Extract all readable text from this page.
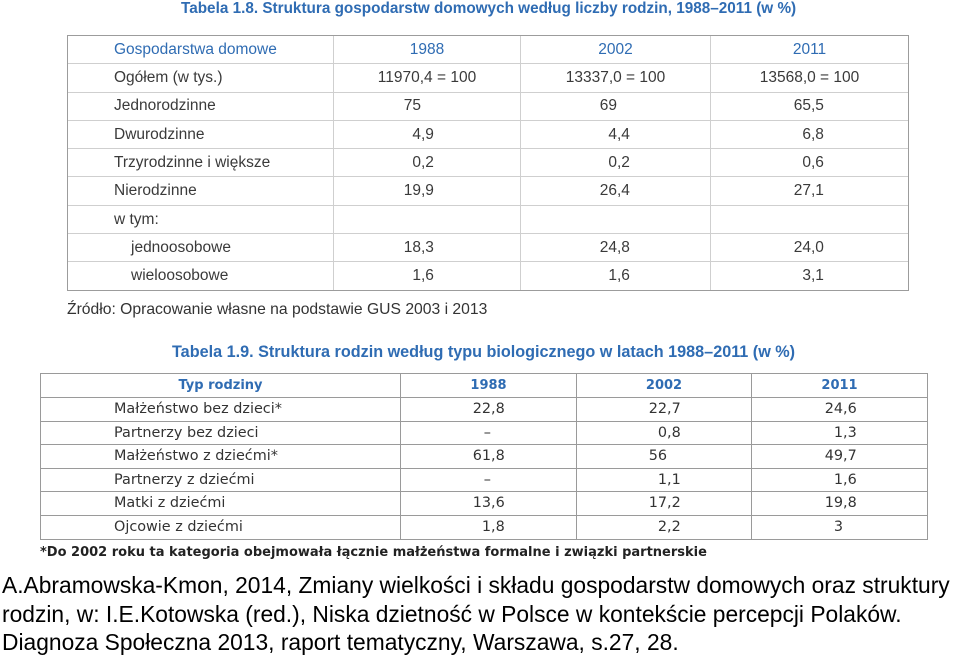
Tabela 1.8. Struktura gospodarstw domowych według liczby rodzin, 1988–2011 (w %)
Gospodarstwa domowe	1988	2002	2011
Ogółem (w tys.)	11970,4 = 100	13337,0 = 100	13568,0 = 100
Jednorodzinne	75	69	65,5
Dwurodzinne	4,9	4,4	6,8
Trzyrodzinne i większe	0,2	0,2	0,6
Nierodzinne	19,9	26,4	27,1
w tym:			
jednoosobowe	18,3	24,8	24,0
wieloosobowe	1,6	1,6	3,1
Źródło: Opracowanie własne na podstawie GUS 2003 i 2013
Tabela 1.9. Struktura rodzin według typu biologicznego w latach 1988–2011 (w %)
Typ rodziny	1988	2002	2011
Małżeństwo bez dzieci*	22,8	22,7	24,6
Partnerzy bez dzieci	–	0,8	1,3
Małżeństwo z dziećmi*	61,8	56	49,7
Partnerzy z dziećmi	–	1,1	1,6
Matki z dziećmi	13,6	17,2	19,8
Ojcowie z dziećmi	1,8	2,2	3
*Do 2002 roku ta kategoria obejmowała łącznie małżeństwa formalne i związki partnerskie
A.Abramowska-Kmon, 2014, Zmiany wielkości i składu gospodarstw domowych oraz struktury
rodzin, w: I.E.Kotowska (red.), Niska dzietność w Polsce w kontekście percepcji Polaków.
Diagnoza Społeczna 2013, raport tematyczny, Warszawa, s.27, 28.
